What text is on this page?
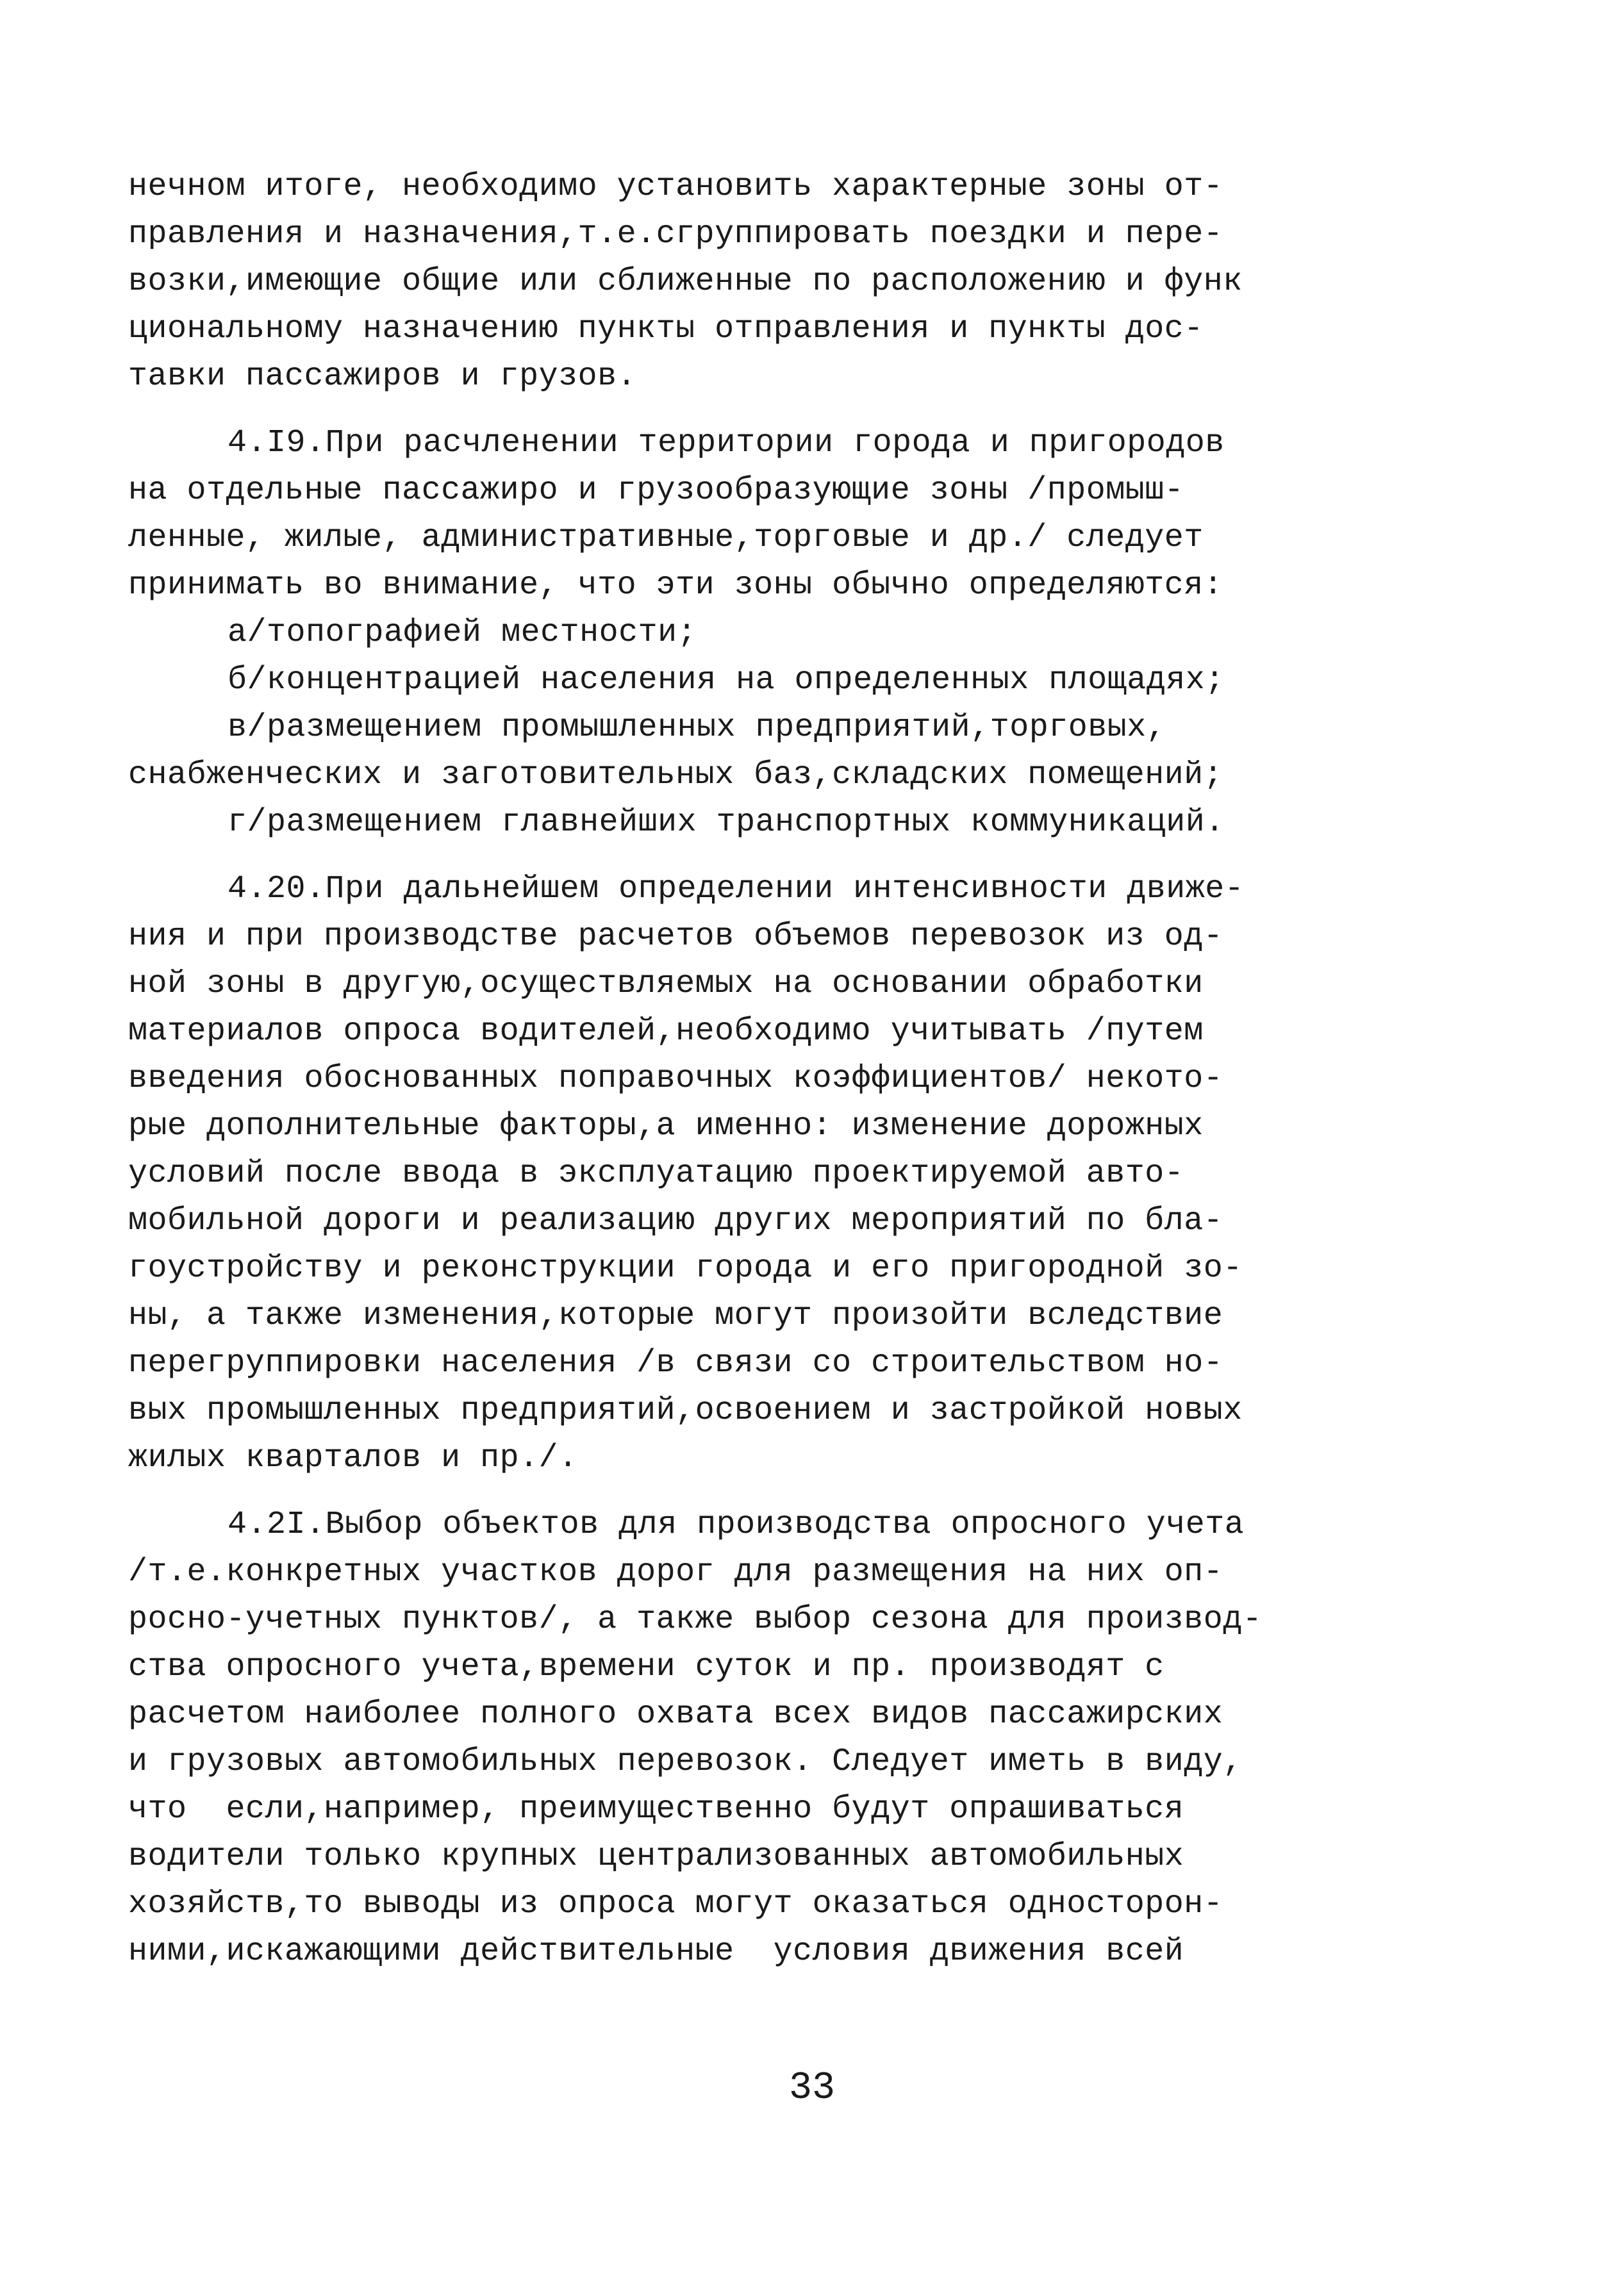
нечном итоге, необходимо установить характерные зоны от-
правления и назначения,т.е.сгруппировать поездки и пере-
возки,имеющие общие или сближенные по расположению и функ
циональному назначению пункты отправления и пункты дос-
тавки пассажиров и грузов.
4.I9.При расчленении территории города и пригородов
на отдельные пассажиро и грузообразующие зоны /промыш-
ленные, жилые, административные,торговые и др./ следует
принимать во внимание, что эти зоны обычно определяются:
а/топографией местности;
б/концентрацией населения на определенных площадях;
в/размещением промышленных предприятий,торговых,
снабженческих и заготовительных баз,складских помещений;
г/размещением главнейших транспортных коммуникаций.
4.20.При дальнейшем определении интенсивности движе-
ния и при производстве расчетов объемов перевозок из од-
ной зоны в другую,осуществляемых на основании обработки
материалов опроса водителей,необходимо учитывать /путем
введения обоснованных поправочных коэффициентов/ некото-
рые дополнительные факторы,а именно: изменение дорожных
условий после ввода в эксплуатацию проектируемой авто-
мобильной дороги и реализацию других мероприятий по бла-
гоустройству и реконструкции города и его пригородной зо-
ны, а также изменения,которые могут произойти вследствие
перегруппировки населения /в связи со строительством но-
вых промышленных предприятий,освоением и застройкой новых
жилых кварталов и пр./.
4.2I.Выбор объектов для производства опросного учета
/т.е.конкретных участков дорог для размещения на них оп-
росно-учетных пунктов/, а также выбор сезона для производ-
ства опросного учета,времени суток и пр. производят с
расчетом наиболее полного охвата всех видов пассажирских
и грузовых автомобильных перевозок. Следует иметь в виду,
что  если,например, преимущественно будут опрашиваться
водители только крупных централизованных автомобильных
хозяйств,то выводы из опроса могут оказаться односторон-
ними,искажающими действительные  условия движения всей
33
